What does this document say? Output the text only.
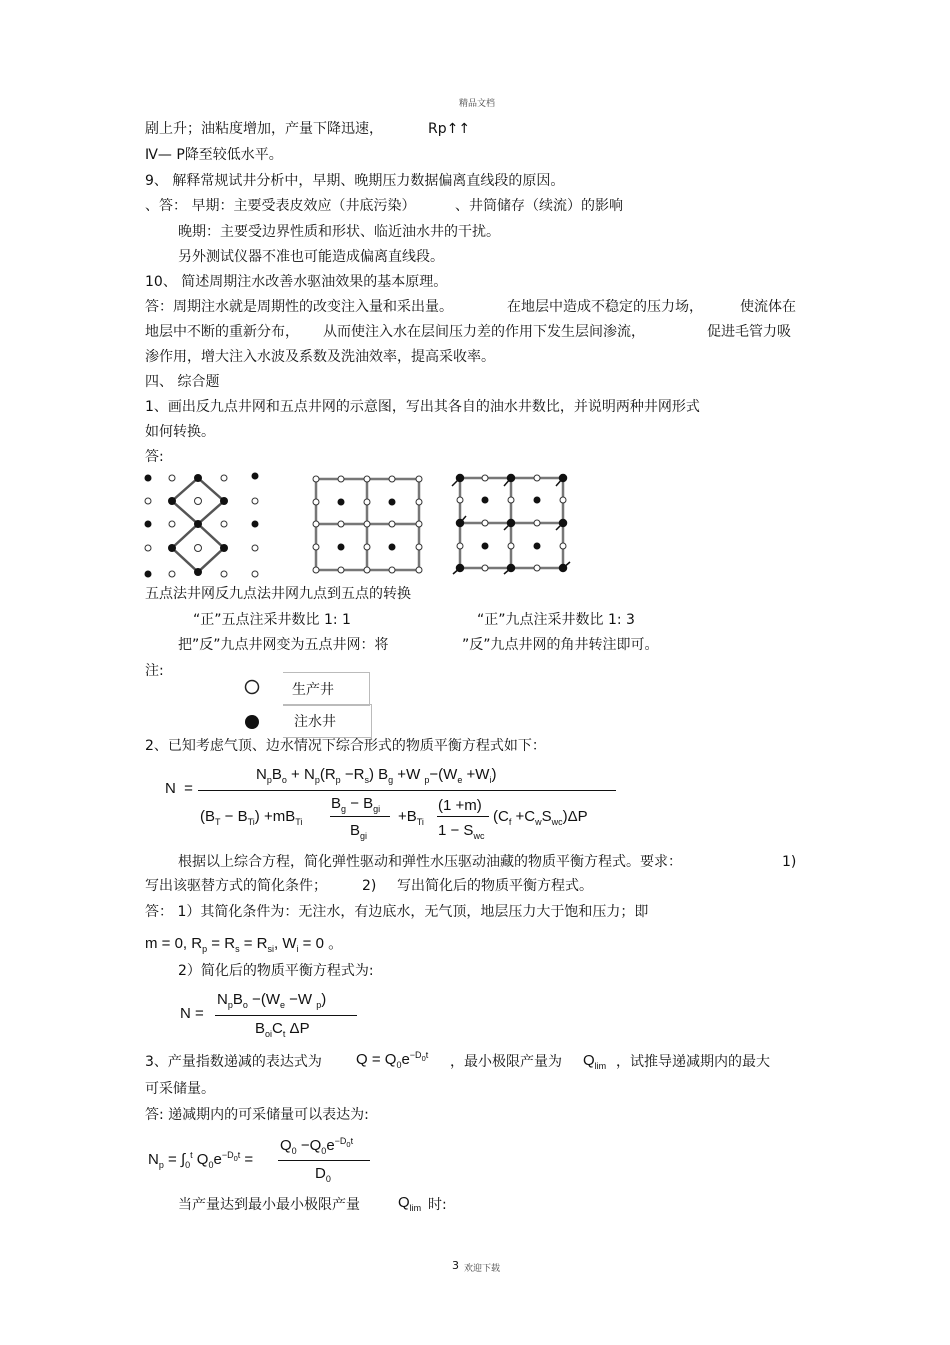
精品文档
3 欢迎下载
剧上升；油粘度增加，产量下降迅速，	Rp↑↑
Ⅳ— P降至较低水平。
9、 解释常规试井分析中，早期、晚期压力数据偏离直线段的原因。
、答： 早期：主要受表皮效应（井底污染）	、井筒储存（续流）的影响
晚期：主要受边界性质和形状、临近油水井的干扰。
另外测试仪器不准也可能造成偏离直线段。
10、 简述周期注水改善水驱油效果的基本原理。
答：周期注水就是周期性的改变注入量和采出量。	在地层中造成不稳定的压力场，	使流体在
地层中不断的重新分布， 从而使注入水在层间压力差的作用下发生层间渗流，	促进毛管力吸
渗作用，增大注入水波及系数及洗油效率，提高采收率。
四、 综合题
1、画出反九点井网和五点井网的示意图，写出其各自的油水井数比，并说明两种井网形式
如何转换。
答:
五点法井网反九点法井网九点到五点的转换
“正”五点注采井数比 1: 1	“正”九点注采井数比 1: 3
把”反”九点井网变为五点井网：将	”反”九点井网的角井转注即可。
注:
生产井
注水井
2、已知考虑气顶、边水情况下综合形式的物质平衡方程式如下：
N  =
$N_pB_o + N_p(R_p -R_s)$ $B_g +W$ $_p-(W_e +W_i)$
$(B_T - B_{Ti}) +mB_{Ti}$
$B_g - B_{gi}$
$B_{gi}$
$+B_{Ti}$
(1 +m)
$1 - S_{wc}$
$(C_f +C_wS_{wc})\Delta P$
根据以上综合方程，简化弹性驱动和弹性水压驱动油藏的物质平衡方程式。要求：	1)
写出该驱替方式的简化条件；	2) 写出简化后的物质平衡方程式。
答： 1）其简化条件为：无注水，有边底水，无气顶，地层压力大于饱和压力；即
m = 0, $R_p = R_s = R_{si}$, $W_i = 0$ 。
2）简化后的物质平衡方程式为:
N =
$N_pB_o -(W_e -W$ $_p$)
$B_{oi}C_t$ ΔP
3、产量指数递减的表达式为 $Q = Q_0e^{-D_0t}$ ，最小极限产量为 $Q_{lim}$ ，试推导递减期内的最大
可采储量。
答: 递减期内的可采储量可以表达为:
$N_p = \int_0^t$ $Q_0e^{-D_0t}$ =
$Q_0 -Q_0e^{-D_0t}$
$D_0$
当产量达到最小最小极限产量	$Q_{lim}$ 时:
